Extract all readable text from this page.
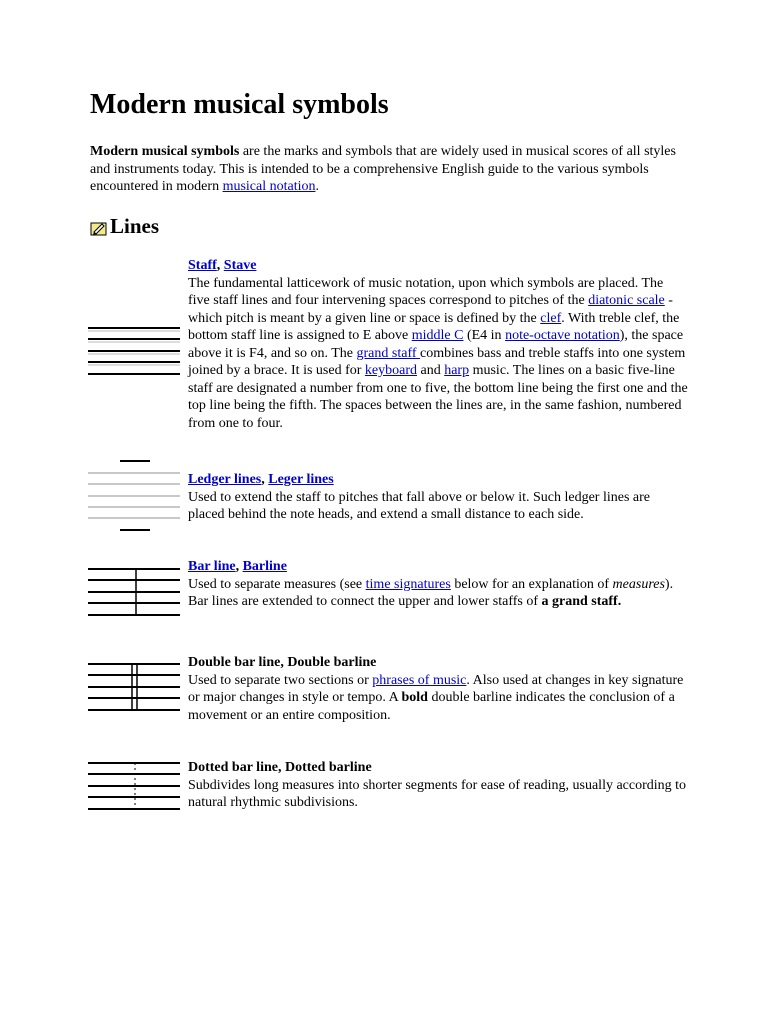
Modern musical symbols

Modern musical symbols are the marks and symbols that are widely used in musical scores of all styles and instruments today. This is intended to be a comprehensive English guide to the various symbols encountered in modern musical notation.

Lines
Staff, Stave
The fundamental latticework of music notation, upon which symbols are placed. The five staff lines and four intervening spaces correspond to pitches of the diatonic scale - which pitch is meant by a given line or space is defined by the clef. With treble clef, the bottom staff line is assigned to E above middle C (E4 in note-octave notation), the space above it is F4, and so on. The grand staff combines bass and treble staffs into one system joined by a brace. It is used for keyboard and harp music. The lines on a basic five-line staff are designated a number from one to five, the bottom line being the first one and the top line being the fifth. The spaces between the lines are, in the same fashion, numbered from one to four.
Ledger lines, Leger lines
Used to extend the staff to pitches that fall above or below it. Such ledger lines are placed behind the note heads, and extend a small distance to each side.
Bar line, Barline
Used to separate measures (see time signatures below for an explanation of measures). Bar lines are extended to connect the upper and lower staffs of a grand staff.
Double bar line, Double barline
Used to separate two sections or phrases of music. Also used at changes in key signature or major changes in style or tempo. A bold double barline indicates the conclusion of a movement or an entire composition.
Dotted bar line, Dotted barline
Subdivides long measures into shorter segments for ease of reading, usually according to natural rhythmic subdivisions.
